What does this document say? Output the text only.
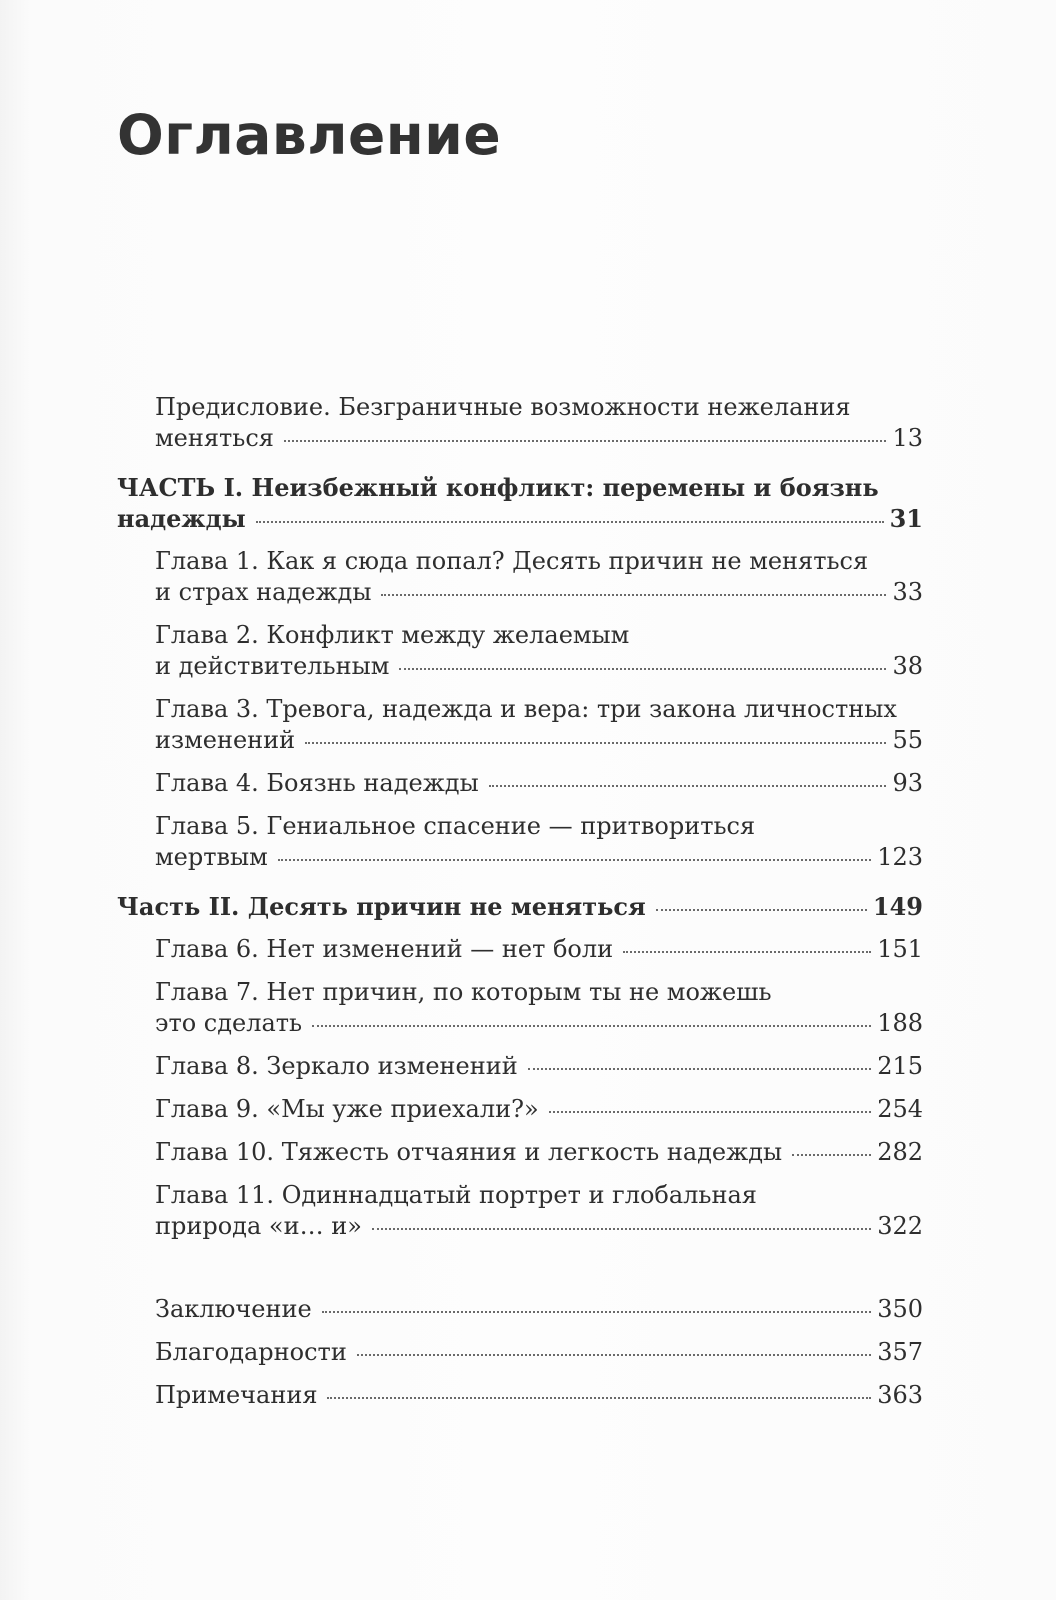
Оглавление
Предисловие. Безграничные возможности нежелания
меняться	13
ЧАСТЬ I. Неизбежный конфликт: перемены и боязнь
надежды	31
Глава 1. Как я сюда попал? Десять причин не меняться
и страх надежды	33
Глава 2. Конфликт между желаемым
и действительным	38
Глава 3. Тревога, надежда и вера: три закона личностных
изменений	55
Глава 4. Боязнь надежды	93
Глава 5. Гениальное спасение — притвориться
мертвым	123
Часть II. Десять причин не меняться	149
Глава 6. Нет изменений — нет боли	151
Глава 7. Нет причин, по которым ты не можешь
это сделать	188
Глава 8. Зеркало изменений	215
Глава 9. «Мы уже приехали?»	254
Глава 10. Тяжесть отчаяния и легкость надежды	282
Глава 11. Одиннадцатый портрет и глобальная
природа «и… и»	322
Заключение	350
Благодарности	357
Примечания	363
